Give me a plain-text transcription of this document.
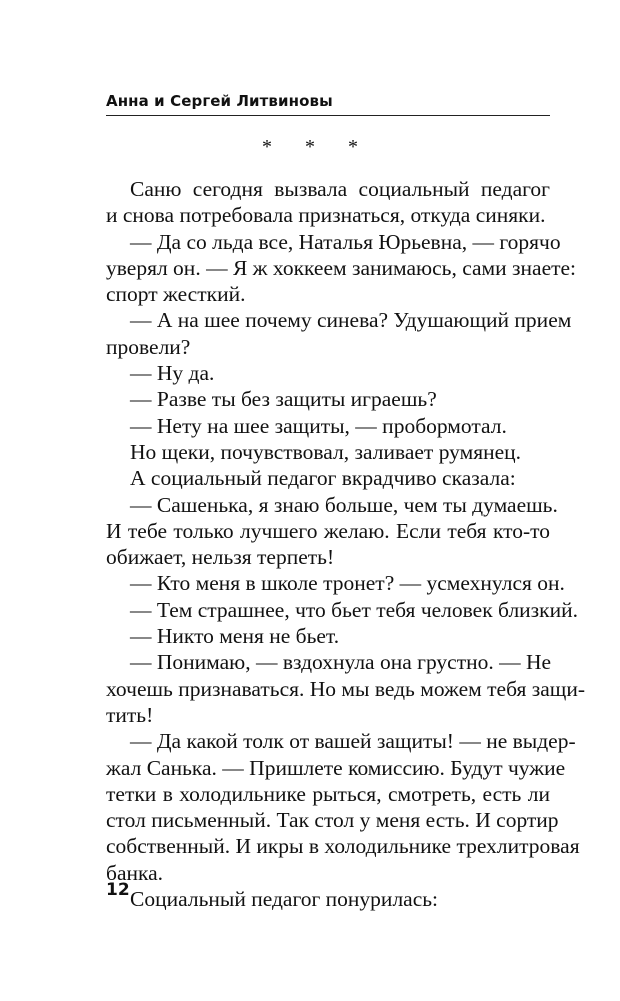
Анна и Сергей Литвиновы
* * *
Саню сегодня вызвала социальный педагог
и снова потребовала признаться, откуда синяки.
— Да со льда все, Наталья Юрьевна, — горячо
уверял он. — Я ж хоккеем занимаюсь, сами знаете:
спорт жесткий.
— А на шее почему синева? Удушающий прием
провели?
— Ну да.
— Разве ты без защиты играешь?
— Нету на шее защиты, — пробормотал.
Но щеки, почувствовал, заливает румянец.
А социальный педагог вкрадчиво сказала:
— Сашенька, я знаю больше, чем ты думаешь.
И тебе только лучшего желаю. Если тебя кто-то
обижает, нельзя терпеть!
— Кто меня в школе тронет? — усмехнулся он.
— Тем страшнее, что бьет тебя человек близкий.
— Никто меня не бьет.
— Понимаю, — вздохнула она грустно. — Не
хочешь признаваться. Но мы ведь можем тебя защи-
тить!
— Да какой толк от вашей защиты! — не выдер-
жал Санька. — Пришлете комиссию. Будут чужие
тетки в холодильнике рыться, смотреть, есть ли
стол письменный. Так стол у меня есть. И сортир
собственный. И икры в холодильнике трехлитровая
банка.
Социальный педагог понурилась:
12
